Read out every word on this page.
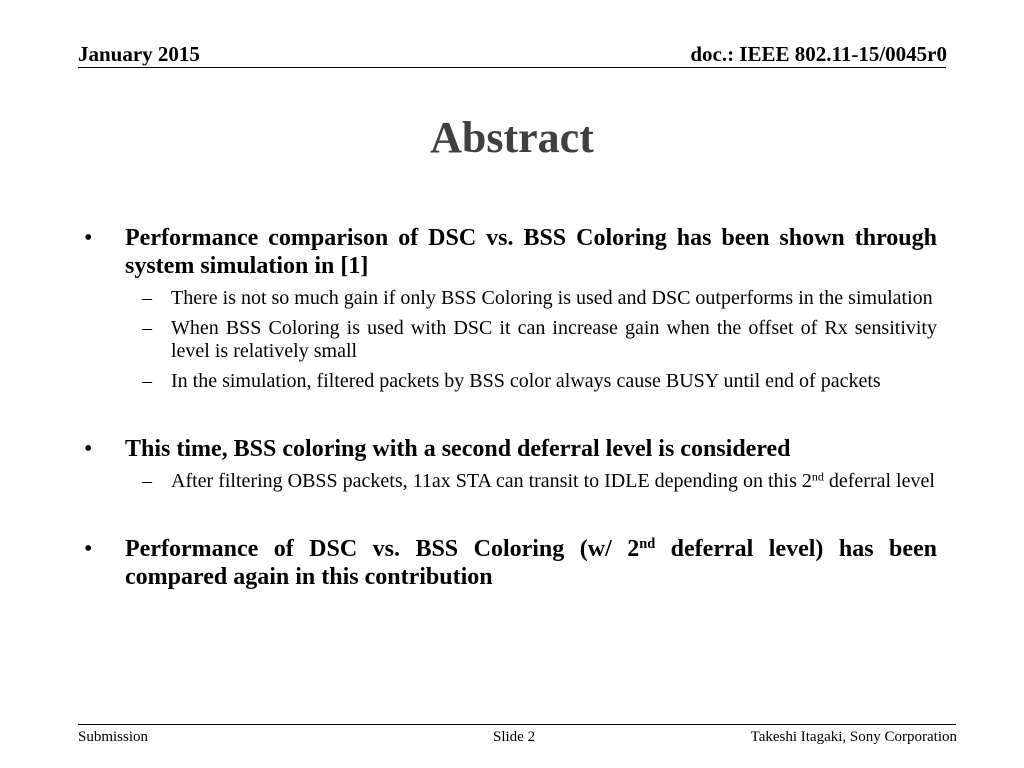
January 2015	doc.: IEEE 802.11-15/0045r0
Abstract
• Performance comparison of DSC vs. BSS Coloring has been shown through system simulation in [1]
– There is not so much gain if only BSS Coloring is used and DSC outperforms in the simulation
– When BSS Coloring is used with DSC it can increase gain when the offset of Rx sensitivity level is relatively small
– In the simulation, filtered packets by BSS color always cause BUSY until end of packets
• This time, BSS coloring with a second deferral level is considered
– After filtering OBSS packets, 11ax STA can transit to IDLE depending on this 2nd deferral level
• Performance of DSC vs. BSS Coloring (w/ 2nd deferral level) has been compared again in this contribution
Submission	Slide 2	Takeshi Itagaki, Sony Corporation
